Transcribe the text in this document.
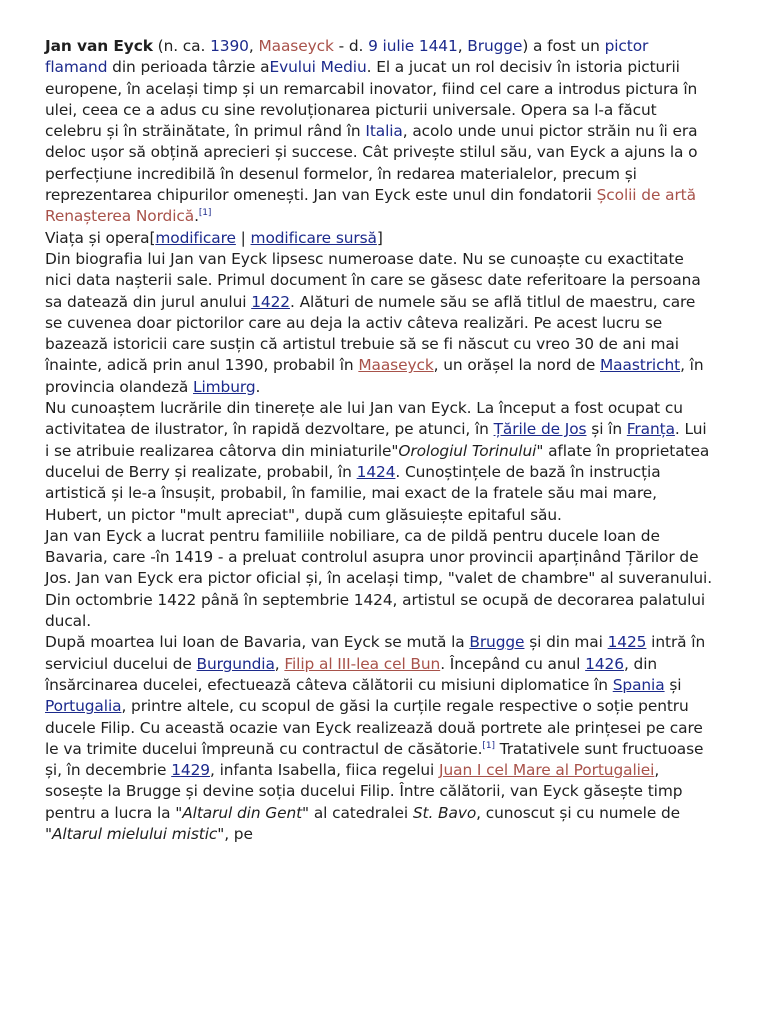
Jan van Eyck (n. ca. 1390, Maaseyck - d. 9 iulie 1441, Brugge) a fost un pictor flamand din perioada târzie aEvului Mediu. El a jucat un rol decisiv în istoria picturii europene, în același timp și un remarcabil inovator, fiind cel care a introdus pictura în ulei, ceea ce a adus cu sine revoluționarea picturii universale. Opera sa l-a făcut celebru și în străinătate, în primul rând în Italia, acolo unde unui pictor străin nu îi era deloc ușor să obțină aprecieri și succese. Cât privește stilul său, van Eyck a ajuns la o perfecțiune incredibilă în desenul formelor, în redarea materialelor, precum și reprezentarea chipurilor omenești. Jan van Eyck este unul din fondatorii Școlii de artă Renașterea Nordică.[1]

Viața și opera[modificare | modificare sursă]

Din biografia lui Jan van Eyck lipsesc numeroase date. Nu se cunoaște cu exactitate nici data nașterii sale. Primul document în care se găsesc date referitoare la persoana sa datează din jurul anului 1422. Alături de numele său se află titlul de maestru, care se cuvenea doar pictorilor care au deja la activ câteva realizări. Pe acest lucru se bazează istoricii care susțin că artistul trebuie să se fi născut cu vreo 30 de ani mai înainte, adică prin anul 1390, probabil în Maaseyck, un orășel la nord de Maastricht, în provincia olandeză Limburg.

Nu cunoaștem lucrările din tinerețe ale lui Jan van Eyck. La început a fost ocupat cu activitatea de ilustrator, în rapidă dezvoltare, pe atunci, în Țările de Jos și în Franța. Lui i se atribuie realizarea câtorva din miniaturile"Orologiul Torinului" aflate în proprietatea ducelui de Berry și realizate, probabil, în 1424. Cunoștințele de bază în instrucția artistică și le-a însușit, probabil, în familie, mai exact de la fratele său mai mare, Hubert, un pictor "mult apreciat", după cum glăsuiește epitaful său.

Jan van Eyck a lucrat pentru familiile nobiliare, ca de pildă pentru ducele Ioan de Bavaria, care -în 1419 - a preluat controlul asupra unor provincii aparținând Țărilor de Jos. Jan van Eyck era pictor oficial și, în același timp, "valet de chambre" al suveranului. Din octombrie 1422 până în septembrie 1424, artistul se ocupă de decorarea palatului ducal.

După moartea lui Ioan de Bavaria, van Eyck se mută la Brugge și din mai 1425 intră în serviciul ducelui de Burgundia, Filip al III-lea cel Bun. Începând cu anul 1426, din însărcinarea ducelei, efectuează câteva călătorii cu misiuni diplomatice în Spania și Portugalia, printre altele, cu scopul de găsi la curțile regale respective o soție pentru ducele Filip. Cu această ocazie van Eyck realizează două portrete ale prințesei pe care le va trimite ducelui împreună cu contractul de căsătorie.[1] Tratativele sunt fructuoase și, în decembrie 1429, infanta Isabella, fiica regelui Juan I cel Mare al Portugaliei, sosește la Brugge și devine soția ducelui Filip. Între călătorii, van Eyck găsește timp pentru a lucra la "Altarul din Gent" al catedralei St. Bavo, cunoscut și cu numele de "Altarul mielului mistic", pe
